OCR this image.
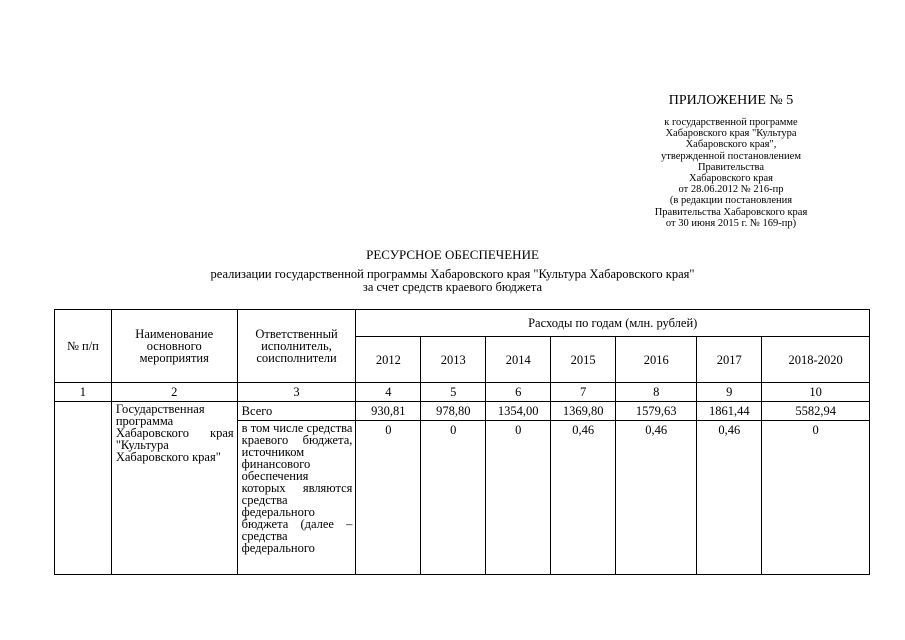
ПРИЛОЖЕНИЕ № 5
к государственной программе
Хабаровского края "Культура
Хабаровского края",
утвержденной постановлением
Правительства
Хабаровского края
от 28.06.2012 № 216-пр
(в редакции постановления
Правительства Хабаровского края
от 30 июня 2015 г. № 169-пр)
РЕСУРСНОЕ ОБЕСПЕЧЕНИЕ
реализации государственной программы Хабаровского края "Культура Хабаровского края"
за счет средств краевого бюджета
№ п/п	Наименование основного мероприятия	Ответственный исполнитель, соисполнители	Расходы по годам (млн. рублей)						
			2012	2013	2014	2015	2016	2017	2018-2020
1	2	3	4	5	6	7	8	9	10
	Государственная программа Хабаровского края "Культура Хабаровского края"	Всего	930,81	978,80	1354,00	1369,80	1579,63	1861,44	5582,94
		в том числе средства краевого бюджета, источником финансового обеспечения которых являются средства федерального бюджета (далее – средства федерального	0	0	0	0,46	0,46	0,46	0
